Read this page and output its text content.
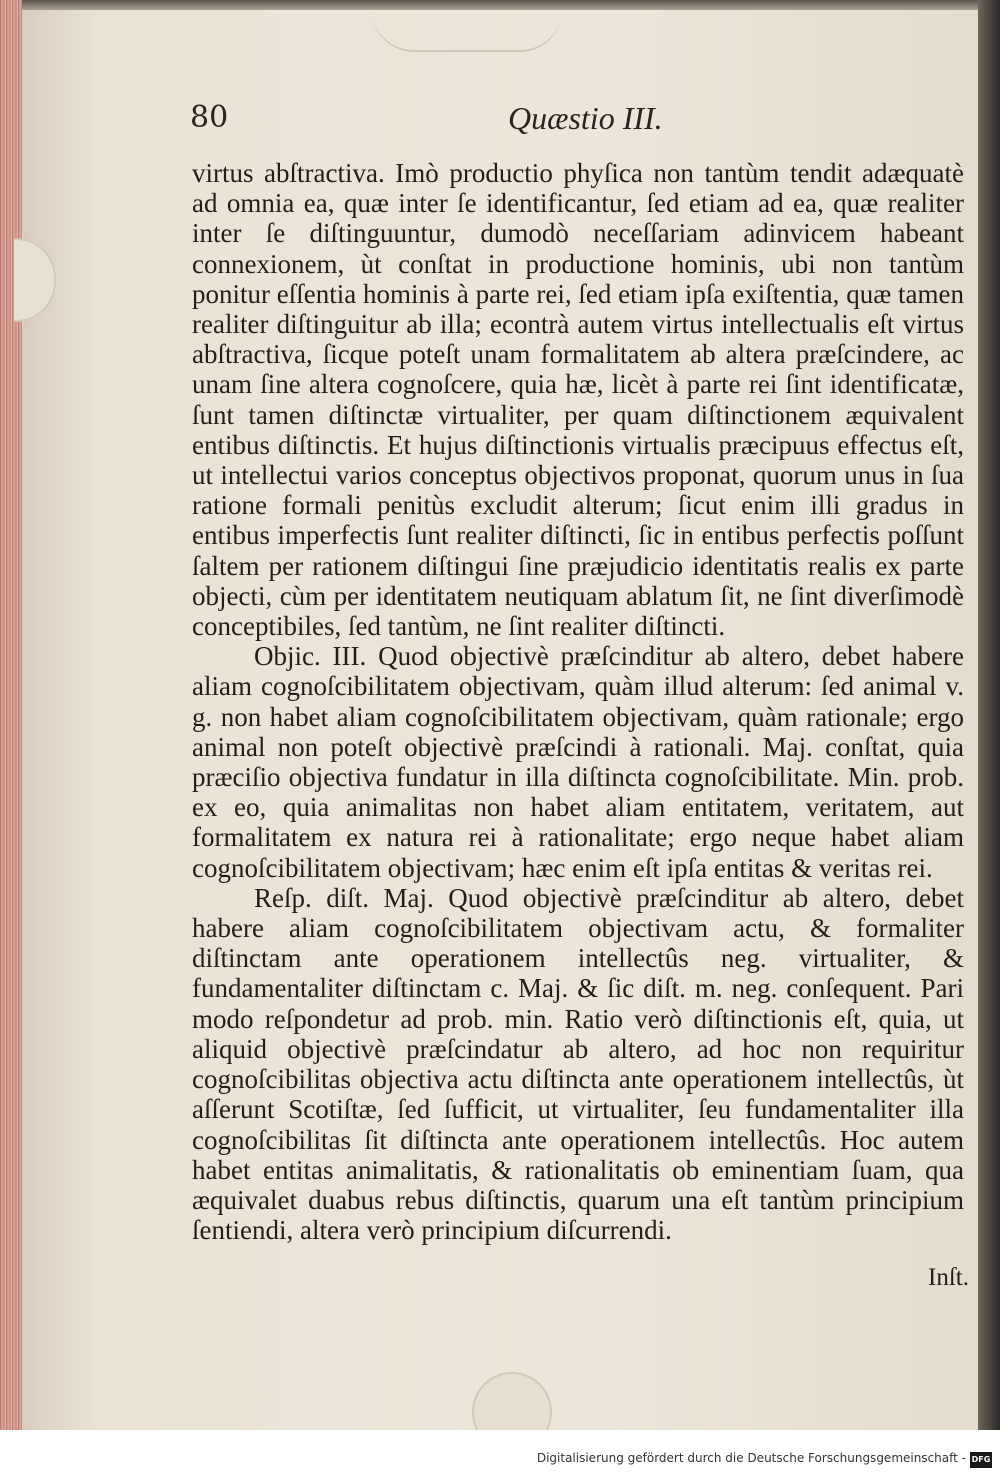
80	Quæstio III.

virtus abſtractiva. Imò productio phyſica non tantùm tendit adæquatè ad omnia ea, quæ inter ſe identificantur, ſed etiam ad ea, quæ realiter inter ſe diſtinguuntur, dumodò neceſſariam adinvicem habeant connexionem, ùt conſtat in productione hominis, ubi non tantùm ponitur eſſentia hominis à parte rei, ſed etiam ipſa exiſtentia, quæ tamen realiter diſtinguitur ab illa; econtrà autem virtus intellectualis eſt virtus abſtractiva, ſicque poteſt unam formalitatem ab altera præſcindere, ac unam ſine altera cognoſcere, quia hæ, licèt à parte rei ſint identificatæ, ſunt tamen diſtinctæ virtualiter, per quam diſtinctionem æquivalent entibus diſtinctis. Et hujus diſtinctionis virtualis præcipuus effectus eſt, ut intellectui varios conceptus objectivos proponat, quorum unus in ſua ratione formali penitùs excludit alterum; ſicut enim illi gradus in entibus imperfectis ſunt realiter diſtincti, ſic in entibus perfectis poſſunt ſaltem per rationem diſtingui ſine præjudicio identitatis realis ex parte objecti, cùm per identitatem neutiquam ablatum ſit, ne ſint diverſimodè conceptibiles, ſed tantùm, ne ſint realiter diſtincti.

Objic. III. Quod objectivè præſcinditur ab altero, debet habere aliam cognoſcibilitatem objectivam, quàm illud alterum: ſed animal v. g. non habet aliam cognoſcibilitatem objectivam, quàm rationale; ergo animal non poteſt objectivè præſcindi à rationali. Maj. conſtat, quia præciſio objectiva fundatur in illa diſtincta cognoſcibilitate. Min. prob. ex eo, quia animalitas non habet aliam entitatem, veritatem, aut formalitatem ex natura rei à rationalitate; ergo neque habet aliam cognoſcibilitatem objectivam; hæc enim eſt ipſa entitas & veritas rei.

Reſp. diſt. Maj. Quod objectivè præſcinditur ab altero, debet habere aliam cognoſcibilitatem objectivam actu, & formaliter diſtinctam ante operationem intellectûs neg. virtualiter, & fundamentaliter diſtinctam c. Maj. & ſic diſt. m. neg. conſequent. Pari modo reſpondetur ad prob. min. Ratio verò diſtinctionis eſt, quia, ut aliquid objectivè præſcindatur ab altero, ad hoc non requiritur cognoſcibilitas objectiva actu diſtincta ante operationem intellectûs, ùt aſſerunt Scotiſtæ, ſed ſufficit, ut virtualiter, ſeu fundamentaliter illa cognoſcibilitas ſit diſtincta ante operationem intellectûs. Hoc autem habet entitas animalitatis, & rationalitatis ob eminentiam ſuam, qua æquivalet duabus rebus diſtinctis, quarum una eſt tantùm principium ſentiendi, altera verò principium diſcurrendi.

Inſt.
Digitalisierung gefördert durch die Deutsche Forschungsgemeinschaft - DFG
